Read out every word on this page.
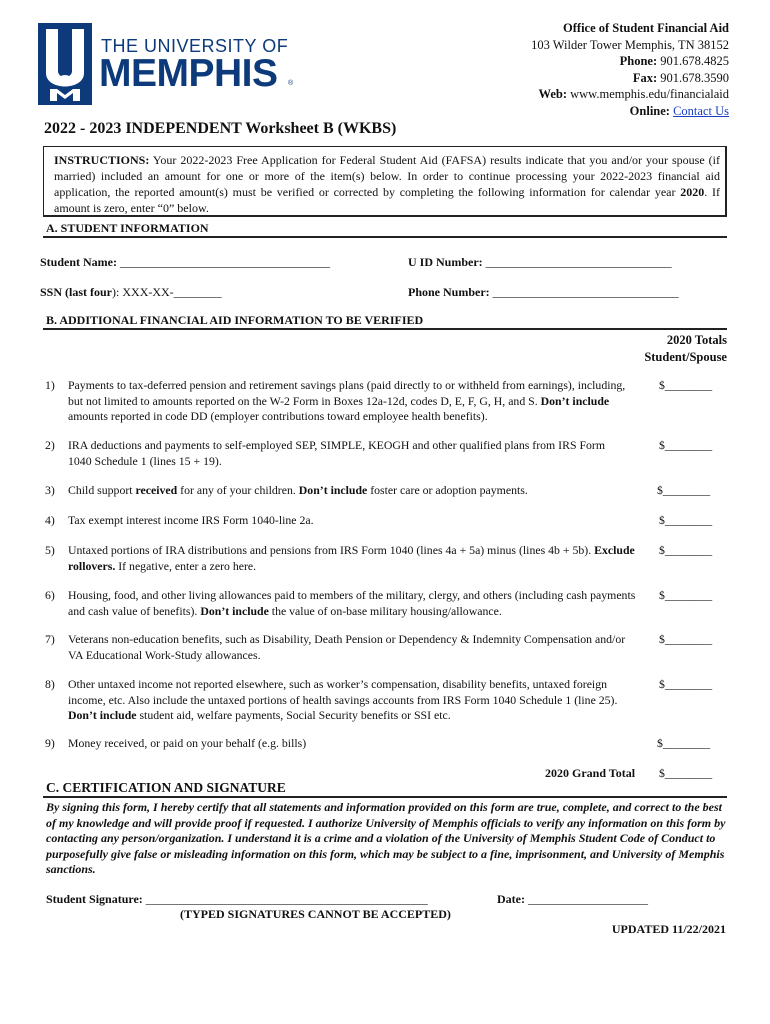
THE UNIVERSITY OF
MEMPHIS ®
Office of Student Financial Aid
103 Wilder Tower Memphis, TN 38152
Phone: 901.678.4825
Fax: 901.678.3590
Web: www.memphis.edu/financialaid
Online: Contact Us
2022 - 2023 INDEPENDENT Worksheet B (WKBS)
INSTRUCTIONS: Your 2022-2023 Free Application for Federal Student Aid (FAFSA) results indicate that you and/or your spouse (if married) included an amount for one or more of the item(s) below. In order to continue processing your 2022-2023 financial aid application, the reported amount(s) must be verified or corrected by completing the following information for calendar year 2020. If amount is zero, enter “0” below.
A. STUDENT INFORMATION
Student Name: ___________________________________	U ID Number: _______________________________
SSN (last four): XXX-XX-________	Phone Number: _______________________________
B. ADDITIONAL FINANCIAL AID INFORMATION TO BE VERIFIED
2020 Totals
Student/Spouse
1) Payments to tax-deferred pension and retirement savings plans (paid directly to or withheld from earnings), including, but not limited to amounts reported on the W-2 Form in Boxes 12a-12d, codes D, E, F, G, H, and S. Don’t include amounts reported in code DD (employer contributions toward employee health benefits).
$________
2) IRA deductions and payments to self-employed SEP, SIMPLE, KEOGH and other qualified plans from IRS Form 1040 Schedule 1 (lines 15 + 19).
$________
3) Child support received for any of your children. Don’t include foster care or adoption payments.	$________
4) Tax exempt interest income IRS Form 1040-line 2a.	$________
5) Untaxed portions of IRA distributions and pensions from IRS Form 1040 (lines 4a + 5a) minus (lines 4b + 5b). Exclude rollovers. If negative, enter a zero here.
$________
6) Housing, food, and other living allowances paid to members of the military, clergy, and others (including cash payments and cash value of benefits). Don’t include the value of on-base military housing/allowance.
$________
7) Veterans non-education benefits, such as Disability, Death Pension or Dependency & Indemnity Compensation and/or VA Educational Work-Study allowances.
$________
8) Other untaxed income not reported elsewhere, such as worker’s compensation, disability benefits, untaxed foreign income, etc. Also include the untaxed portions of health savings accounts from IRS Form 1040 Schedule 1 (line 25). Don’t include student aid, welfare payments, Social Security benefits or SSI etc.
$________
9) Money received, or paid on your behalf (e.g. bills)	$________
2020 Grand Total $________
C. CERTIFICATION AND SIGNATURE
By signing this form, I hereby certify that all statements and information provided on this form are true, complete, and correct to the best of my knowledge and will provide proof if requested. I authorize University of Memphis officials to verify any information on this form by contacting any person/organization. I understand it is a crime and a violation of the University of Memphis Student Code of Conduct to purposefully give false or misleading information on this form, which may be subject to a fine, imprisonment, and University of Memphis sanctions.
Student Signature: _______________________________________________	Date: ____________________
(TYPED SIGNATURES CANNOT BE ACCEPTED)
UPDATED 11/22/2021
